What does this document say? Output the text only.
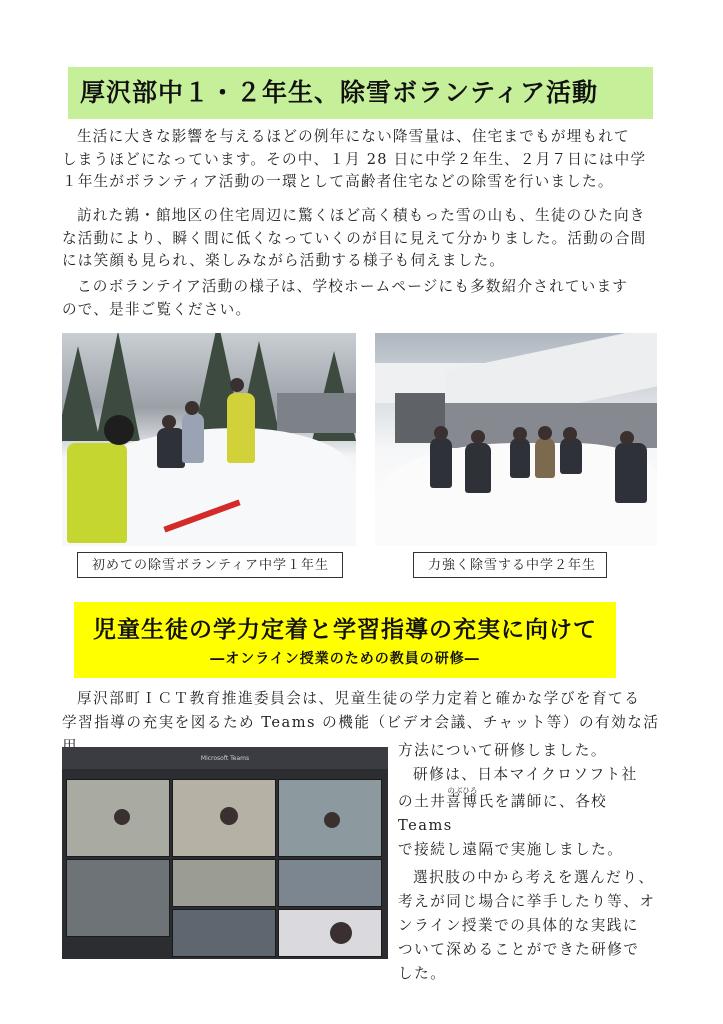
厚沢部中１・２年生、除雪ボランティア活動
生活に大きな影響を与えるほどの例年にない降雪量は、住宅までもが埋もれて
しまうほどになっています。その中、１月 28 日に中学２年生、２月７日には中学
１年生がボランティア活動の一環として高齢者住宅などの除雪を行いました。
訪れた鶉・館地区の住宅周辺に驚くほど高く積もった雪の山も、生徒のひた向き
な活動により、瞬く間に低くなっていくのが目に見えて分かりました。活動の合間
には笑顔も見られ、楽しみながら活動する様子も伺えました。
このボランテイア活動の様子は、学校ホームページにも多数紹介されています
ので、是非ご覧ください。
初めての除雪ボランティア中学１年生	力強く除雪する中学２年生
児童生徒の学力定着と学習指導の充実に向けて
―オンライン授業のための教員の研修―
厚沢部町ＩＣＴ教育推進委員会は、児童生徒の学力定着と確かな学びを育てる
学習指導の充実を図るため Teams の機能（ビデオ会議、チャット等）の有効な活
Microsoft Teams	方法について研修しました。
研修は、日本マイクロソフト社
の土井
のぶひろ
喜博氏を講師に、各校 Teams
で接続し遠隔で実施しました。
選択肢の中から考えを選んだり、
考えが同じ場合に挙手したり等、オ
ンライン授業での具体的な実践に
ついて深めることができた研修で
した。
